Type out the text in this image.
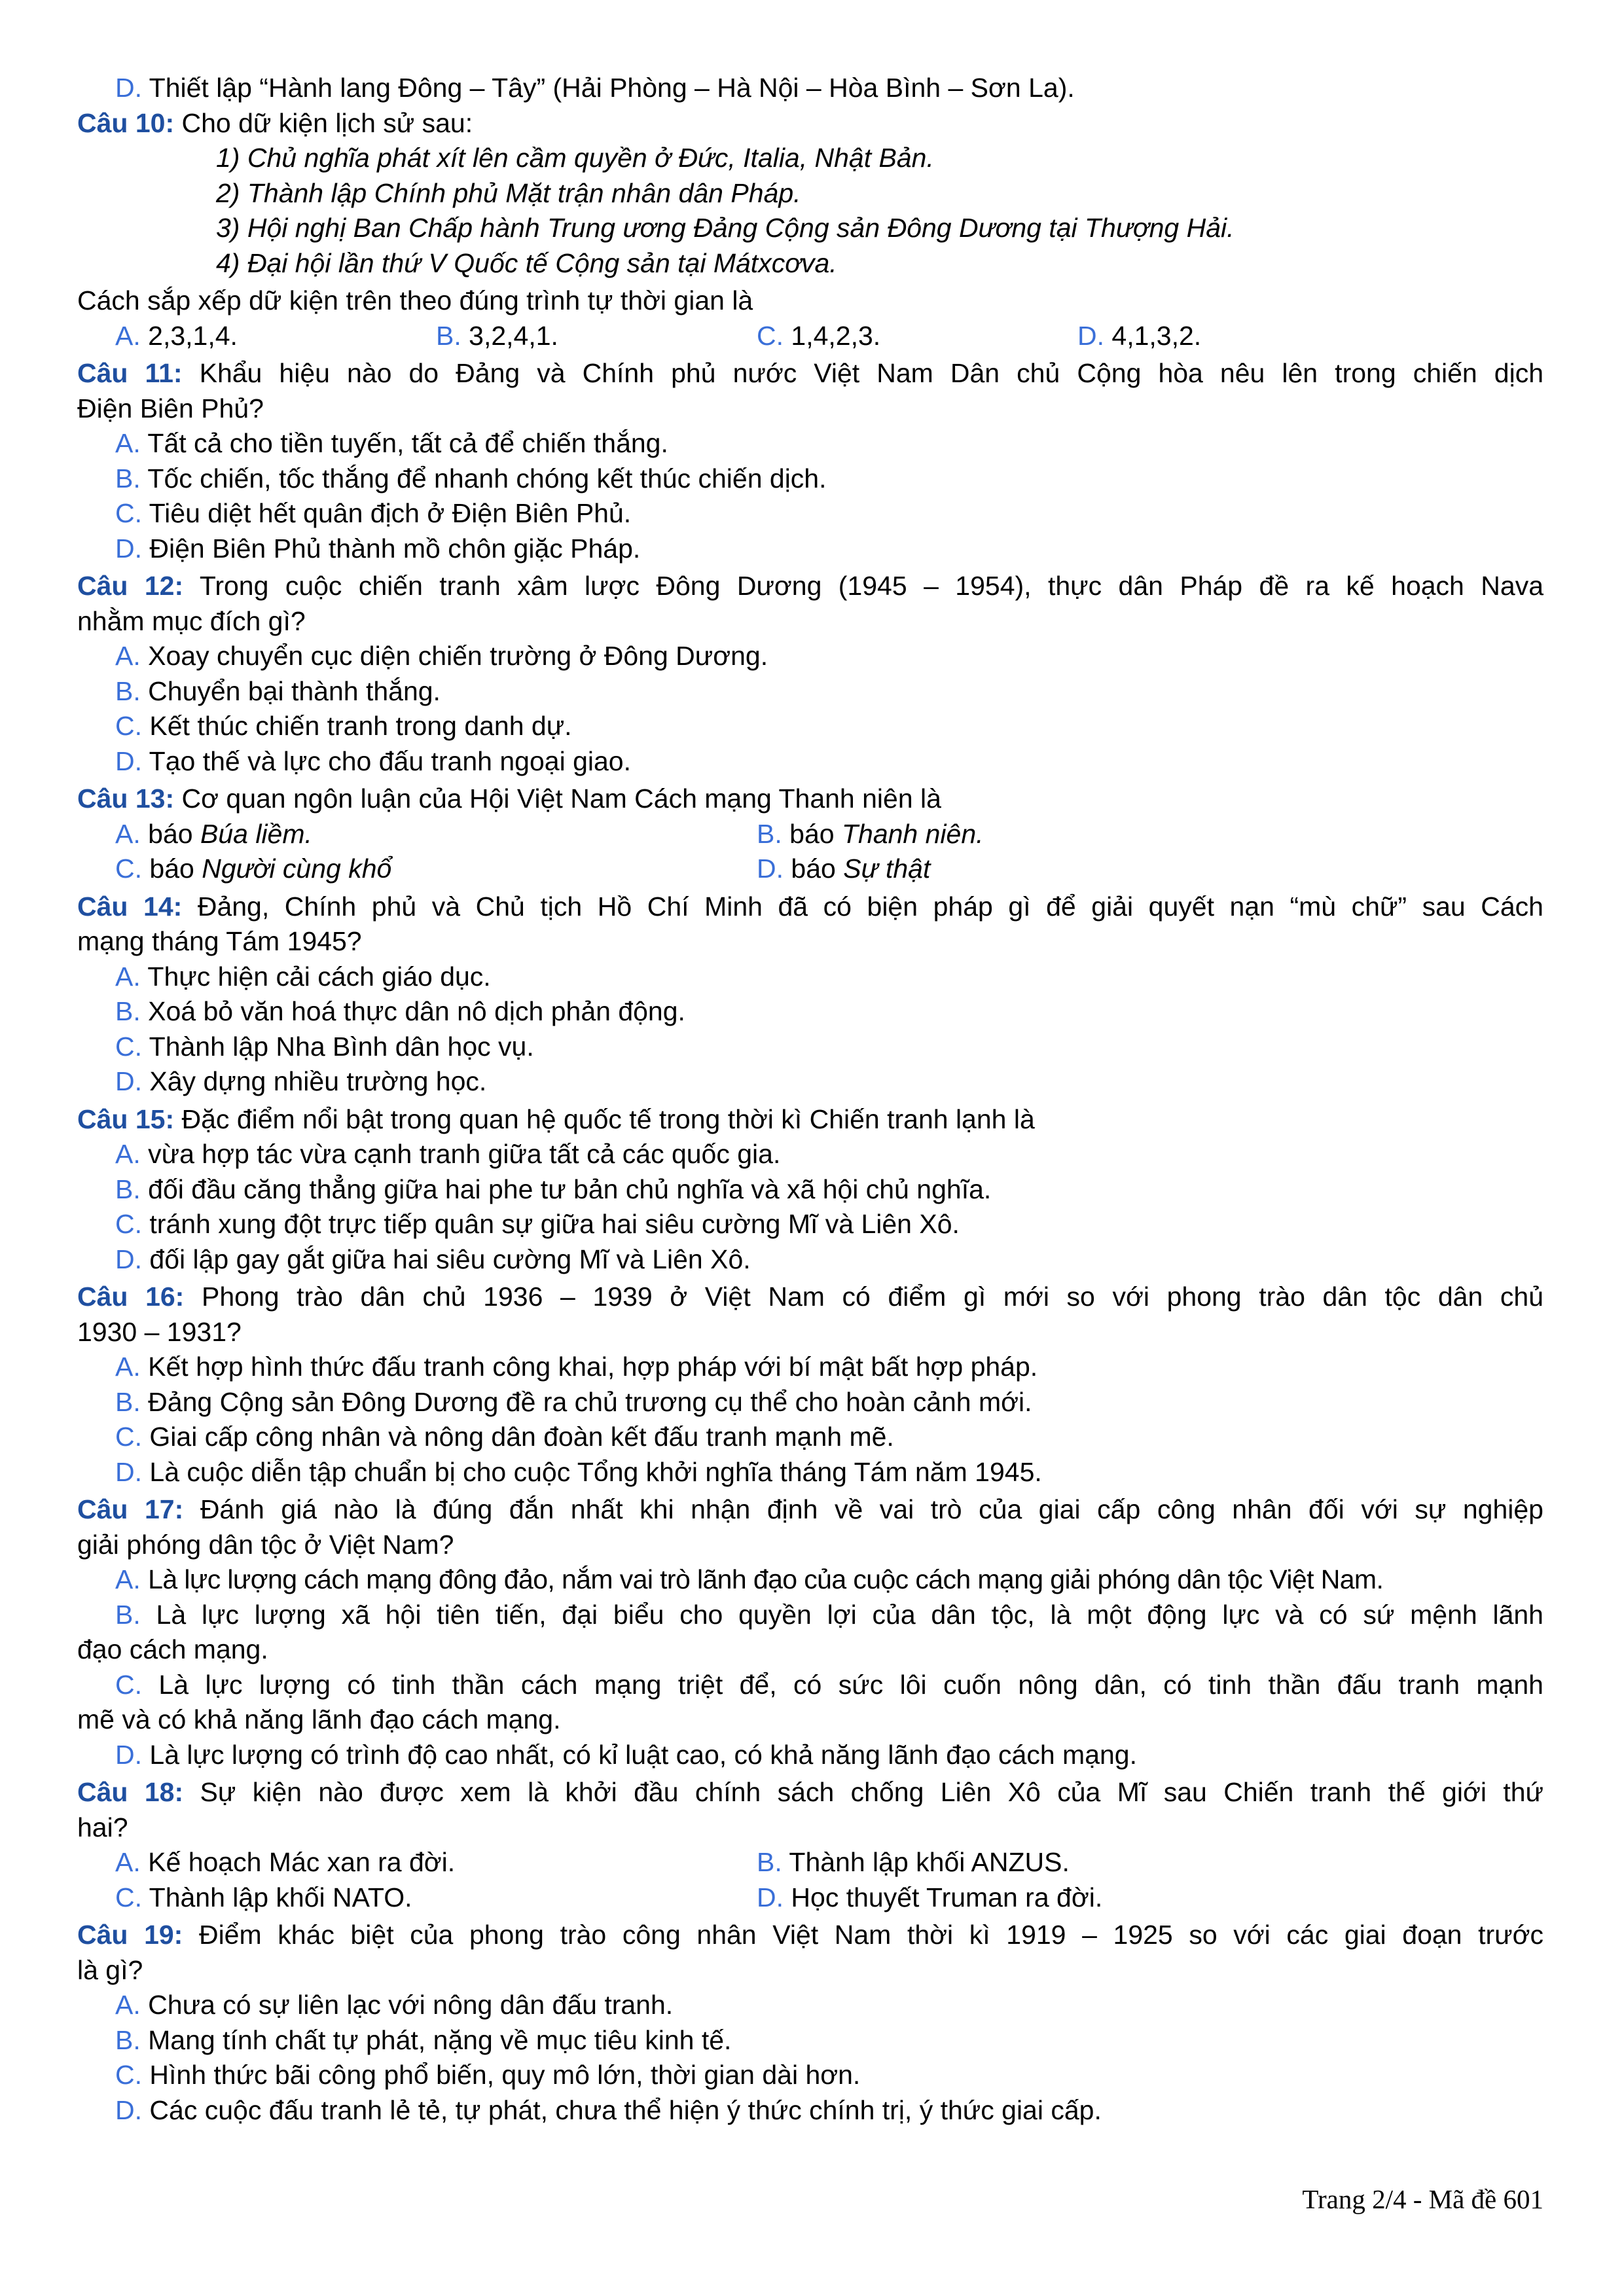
D. Thiết lập “Hành lang Đông – Tây” (Hải Phòng – Hà Nội – Hòa Bình – Sơn La).
Câu 10: Cho dữ kiện lịch sử sau:
1) Chủ nghĩa phát xít lên cầm quyền ở Đức, Italia, Nhật Bản.
2) Thành lập Chính phủ Mặt trận nhân dân Pháp.
3) Hội nghị Ban Chấp hành Trung ương Đảng Cộng sản Đông Dương tại Thượng Hải.
4) Đại hội lần thứ V Quốc tế Cộng sản tại Mátxcơva.
Cách sắp xếp dữ kiện trên theo đúng trình tự thời gian là
A. 2,3,1,4.	B. 3,2,4,1.	C. 1,4,2,3.	D. 4,1,3,2.
Câu 11: Khẩu hiệu nào do Đảng và Chính phủ nước Việt Nam Dân chủ Cộng hòa nêu lên trong chiến dịch
Điện Biên Phủ?
A. Tất cả cho tiền tuyến, tất cả để chiến thắng.
B. Tốc chiến, tốc thắng để nhanh chóng kết thúc chiến dịch.
C. Tiêu diệt hết quân địch ở Điện Biên Phủ.
D. Điện Biên Phủ thành mồ chôn giặc Pháp.
Câu 12: Trong cuộc chiến tranh xâm lược Đông Dương (1945 – 1954), thực dân Pháp đề ra kế hoạch Nava
nhằm mục đích gì?
A. Xoay chuyển cục diện chiến trường ở Đông Dương.
B. Chuyển bại thành thắng.
C. Kết thúc chiến tranh trong danh dự.
D. Tạo thế và lực cho đấu tranh ngoại giao.
Câu 13: Cơ quan ngôn luận của Hội Việt Nam Cách mạng Thanh niên là
A. báo Búa liềm.	B. báo Thanh niên.
C. báo Người cùng khổ	D. báo Sự thật
Câu 14: Đảng, Chính phủ và Chủ tịch Hồ Chí Minh đã có biện pháp gì để giải quyết nạn “mù chữ” sau Cách
mạng tháng Tám 1945?
A. Thực hiện cải cách giáo dục.
B. Xoá bỏ văn hoá thực dân nô dịch phản động.
C. Thành lập Nha Bình dân học vụ.
D. Xây dựng nhiều trường học.
Câu 15: Đặc điểm nổi bật trong quan hệ quốc tế trong thời kì Chiến tranh lạnh là
A. vừa hợp tác vừa cạnh tranh giữa tất cả các quốc gia.
B. đối đầu căng thẳng giữa hai phe tư bản chủ nghĩa và xã hội chủ nghĩa.
C. tránh xung đột trực tiếp quân sự giữa hai siêu cường Mĩ và Liên Xô.
D. đối lập gay gắt giữa hai siêu cường Mĩ và Liên Xô.
Câu 16: Phong trào dân chủ 1936 – 1939 ở Việt Nam có điểm gì mới so với phong trào dân tộc dân chủ
1930 – 1931?
A. Kết hợp hình thức đấu tranh công khai, hợp pháp với bí mật bất hợp pháp.
B. Đảng Cộng sản Đông Dương đề ra chủ trương cụ thể cho hoàn cảnh mới.
C. Giai cấp công nhân và nông dân đoàn kết đấu tranh mạnh mẽ.
D. Là cuộc diễn tập chuẩn bị cho cuộc Tổng khởi nghĩa tháng Tám năm 1945.
Câu 17: Đánh giá nào là đúng đắn nhất khi nhận định về vai trò của giai cấp công nhân đối với sự nghiệp
giải phóng dân tộc ở Việt Nam?
A. Là lực lượng cách mạng đông đảo, nắm vai trò lãnh đạo của cuộc cách mạng giải phóng dân tộc Việt Nam.
B. Là lực lượng xã hội tiên tiến, đại biểu cho quyền lợi của dân tộc, là một động lực và có sứ mệnh lãnh
đạo cách mạng.
C. Là lực lượng có tinh thần cách mạng triệt để, có sức lôi cuốn nông dân, có tinh thần đấu tranh mạnh
mẽ và có khả năng lãnh đạo cách mạng.
D. Là lực lượng có trình độ cao nhất, có kỉ luật cao, có khả năng lãnh đạo cách mạng.
Câu 18: Sự kiện nào được xem là khởi đầu chính sách chống Liên Xô của Mĩ sau Chiến tranh thế giới thứ
hai?
A. Kế hoạch Mác xan ra đời.	B. Thành lập khối ANZUS.
C. Thành lập khối NATO.	D. Học thuyết Truman ra đời.
Câu 19: Điểm khác biệt của phong trào công nhân Việt Nam thời kì 1919 – 1925 so với các giai đoạn trước
là gì?
A. Chưa có sự liên lạc với nông dân đấu tranh.
B. Mang tính chất tự phát, nặng về mục tiêu kinh tế.
C. Hình thức bãi công phổ biến, quy mô lớn, thời gian dài hơn.
D. Các cuộc đấu tranh lẻ tẻ, tự phát, chưa thể hiện ý thức chính trị, ý thức giai cấp.
Trang 2/4 - Mã đề 601
